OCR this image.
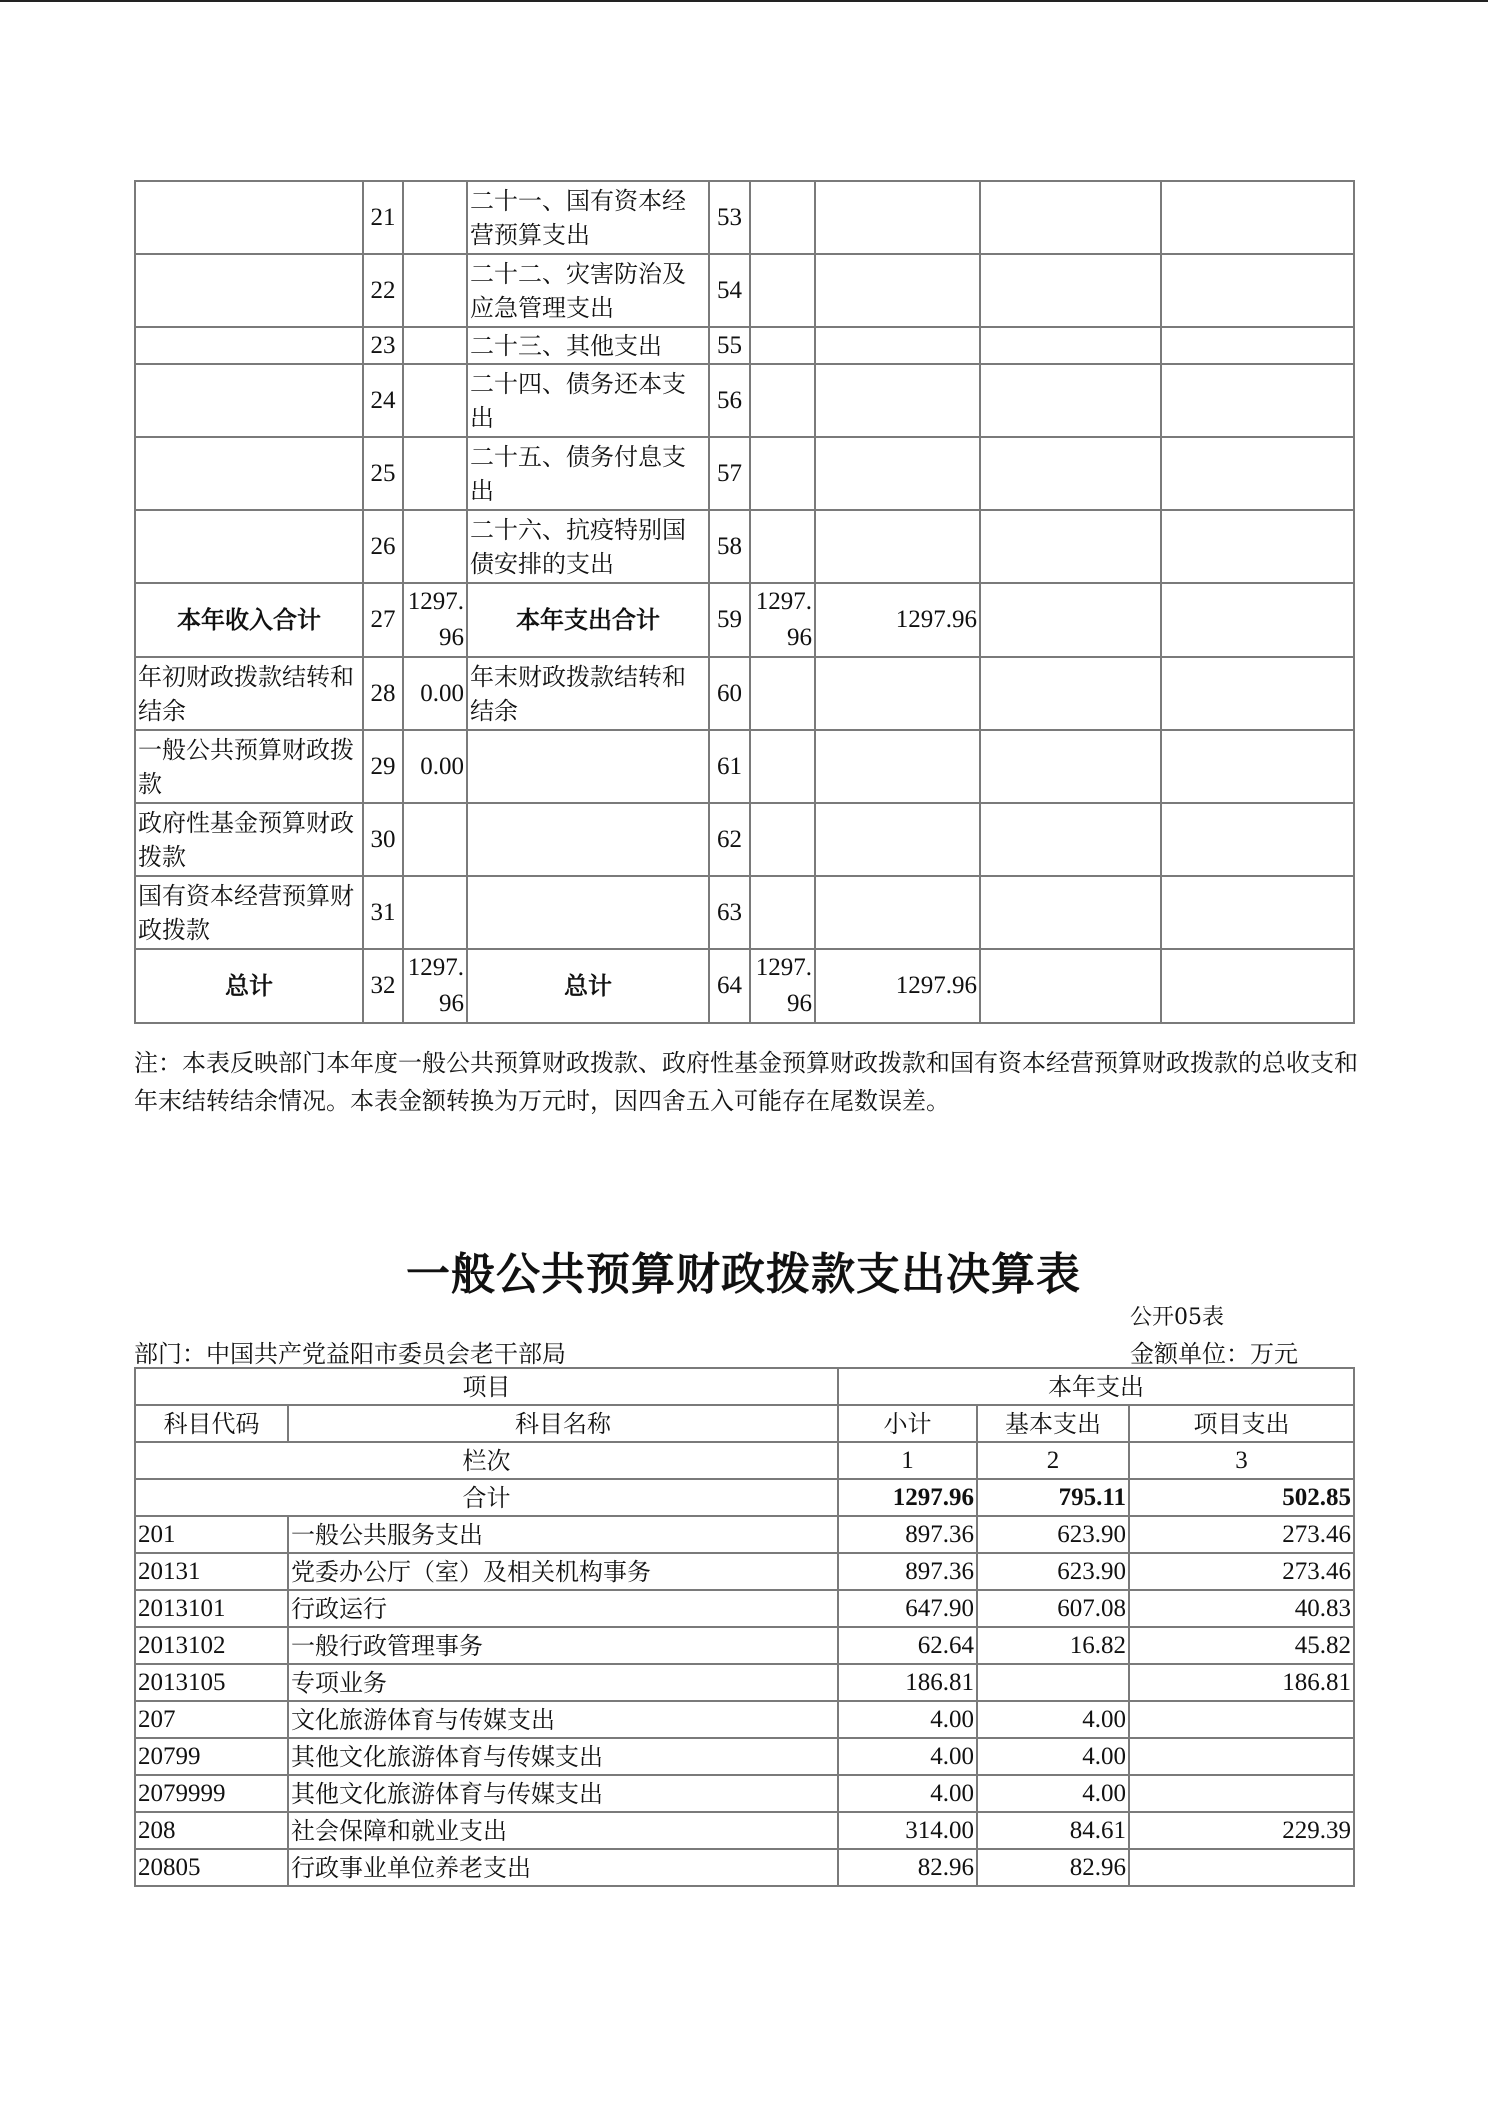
	21		二十一、国有资本经营预算支出	53				
	22		二十二、灾害防治及应急管理支出	54				
	23		二十三、其他支出	55				
	24		二十四、债务还本支出	56				
	25		二十五、债务付息支出	57				
	26		二十六、抗疫特别国债安排的支出	58				
本年收入合计	27	1297.96	本年支出合计	59	1297.96	1297.96		
年初财政拨款结转和结余	28	0.00	年末财政拨款结转和结余	60				
一般公共预算财政拨款	29	0.00		61				
政府性基金预算财政拨款	30			62				
国有资本经营预算财政拨款	31			63				
总计	32	1297.96	总计	64	1297.96	1297.96		
注：本表反映部门本年度一般公共预算财政拨款、政府性基金预算财政拨款和国有资本经营预算财政拨款的总收支和年末结转结余情况。本表金额转换为万元时，因四舍五入可能存在尾数误差。
一般公共预算财政拨款支出决算表
公开05表
部门：中国共产党益阳市委员会老干部局	金额单位：万元
项目		本年支出		
科目代码	科目名称	小计	基本支出	项目支出
栏次		1	2	3
合计		1297.96	795.11	502.85
201	一般公共服务支出	897.36	623.90	273.46
20131	党委办公厅（室）及相关机构事务	897.36	623.90	273.46
2013101	行政运行	647.90	607.08	40.83
2013102	一般行政管理事务	62.64	16.82	45.82
2013105	专项业务	186.81		186.81
207	文化旅游体育与传媒支出	4.00	4.00	
20799	其他文化旅游体育与传媒支出	4.00	4.00	
2079999	其他文化旅游体育与传媒支出	4.00	4.00	
208	社会保障和就业支出	314.00	84.61	229.39
20805	行政事业单位养老支出	82.96	82.96	
